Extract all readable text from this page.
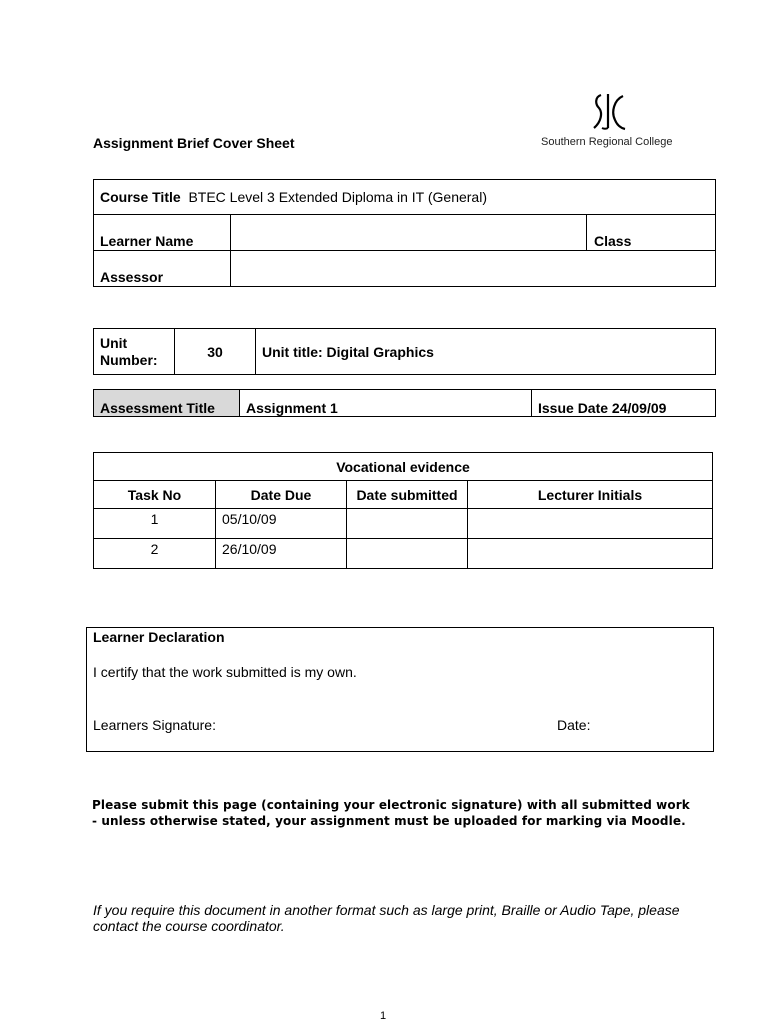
Assignment Brief Cover Sheet	Southern Regional College
Course Title BTEC Level 3 Extended Diploma in IT (General)		
Learner Name		Class
Assessor		
Unit Number:	30	Unit title: Digital Graphics
Assessment Title	Assignment 1	Issue Date 24/09/09
Vocational evidence			
Task No	Date Due	Date submitted	Lecturer Initials
1	05/10/09		
2	26/10/09		
Learner Declaration
I certify that the work submitted is my own.
Learners Signature:	Date:
Please submit this page (containing your electronic signature) with all submitted work - unless otherwise stated, your assignment must be uploaded for marking via Moodle.
If you require this document in another format such as large print, Braille or Audio Tape, please contact the course coordinator.
1
